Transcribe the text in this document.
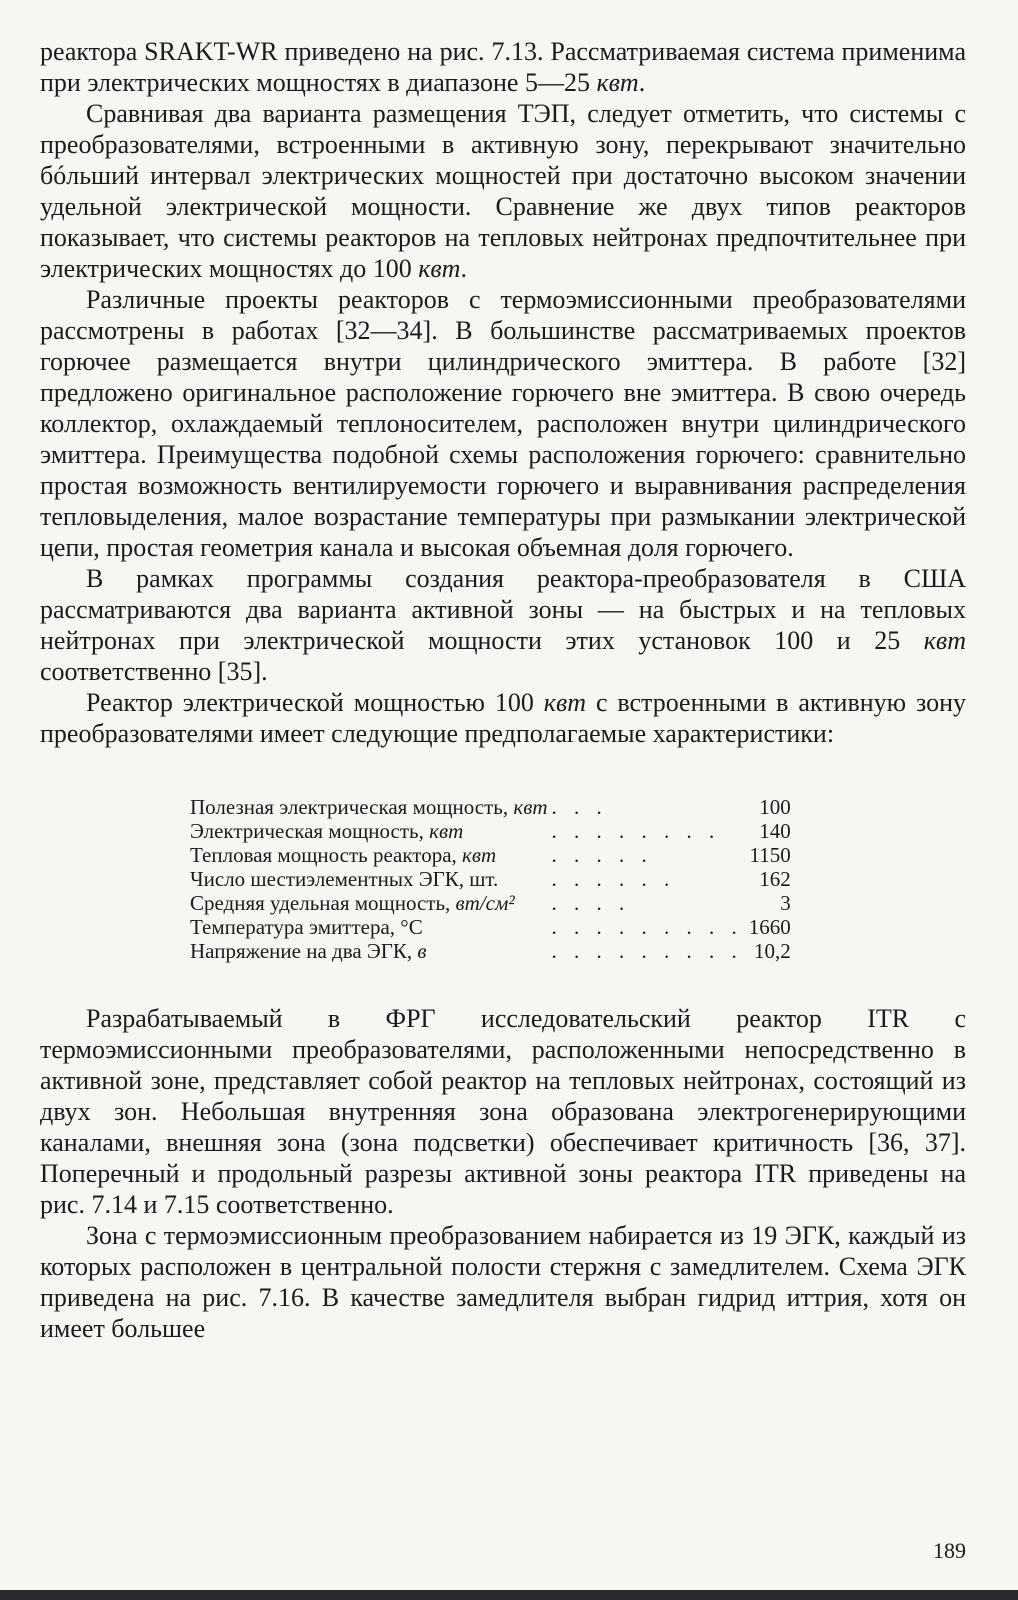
реактора SRAKT-WR приведено на рис. 7.13. Рассматриваемая система применима при электрических мощностях в диапазоне 5—25 квт.

Сравнивая два варианта размещения ТЭП, следует отметить, что системы с преобразователями, встроенными в активную зону, перекрывают значительно бóльший интервал электрических мощностей при достаточно высоком значении удельной электрической мощности. Сравнение же двух типов реакторов показывает, что системы реакторов на тепловых нейтронах предпочтительнее при электрических мощностях до 100 квт.

Различные проекты реакторов с термоэмиссионными преобразователями рассмотрены в работах [32—34]. В большинстве рассматриваемых проектов горючее размещается внутри цилиндрического эмиттера. В работе [32] предложено оригинальное расположение горючего вне эмиттера. В свою очередь коллектор, охлаждаемый теплоносителем, расположен внутри цилиндрического эмиттера. Преимущества подобной схемы расположения горючего: сравнительно простая возможность вентилируемости горючего и выравнивания распределения тепловыделения, малое возрастание температуры при размыкании электрической цепи, простая геометрия канала и высокая объемная доля горючего.

В рамках программы создания реактора-преобразователя в США рассматриваются два варианта активной зоны — на быстрых и на тепловых нейтронах при электрической мощности этих установок 100 и 25 квт соответственно [35].

Реактор электрической мощностью 100 квт с встроенными в активную зону преобразователями имеет следующие предполагаемые характеристики:

Полезная электрическая мощность, квт	. . .	100
Электрическая мощность, квт	. . . . . . . .	140
Тепловая мощность реактора, квт	. . . . .	1150
Число шестиэлементных ЭГК, шт.	. . . . . .	162
Средняя удельная мощность, вт/см²	. . . .	3
Температура эмиттера, °C	. . . . . . . . .	1660
Напряжение на два ЭГК, в	. . . . . . . . .	10,2

Разрабатываемый в ФРГ исследовательский реактор ITR с термоэмиссионными преобразователями, расположенными непосредственно в активной зоне, представляет собой реактор на тепловых нейтронах, состоящий из двух зон. Небольшая внутренняя зона образована электрогенерирующими каналами, внешняя зона (зона подсветки) обеспечивает критичность [36, 37]. Поперечный и продольный разрезы активной зоны реактора ITR приведены на рис. 7.14 и 7.15 соответственно.

Зона с термоэмиссионным преобразованием набирается из 19 ЭГК, каждый из которых расположен в центральной полости стержня с замедлителем. Схема ЭГК приведена на рис. 7.16. В качестве замедлителя выбран гидрид иттрия, хотя он имеет большее

189
